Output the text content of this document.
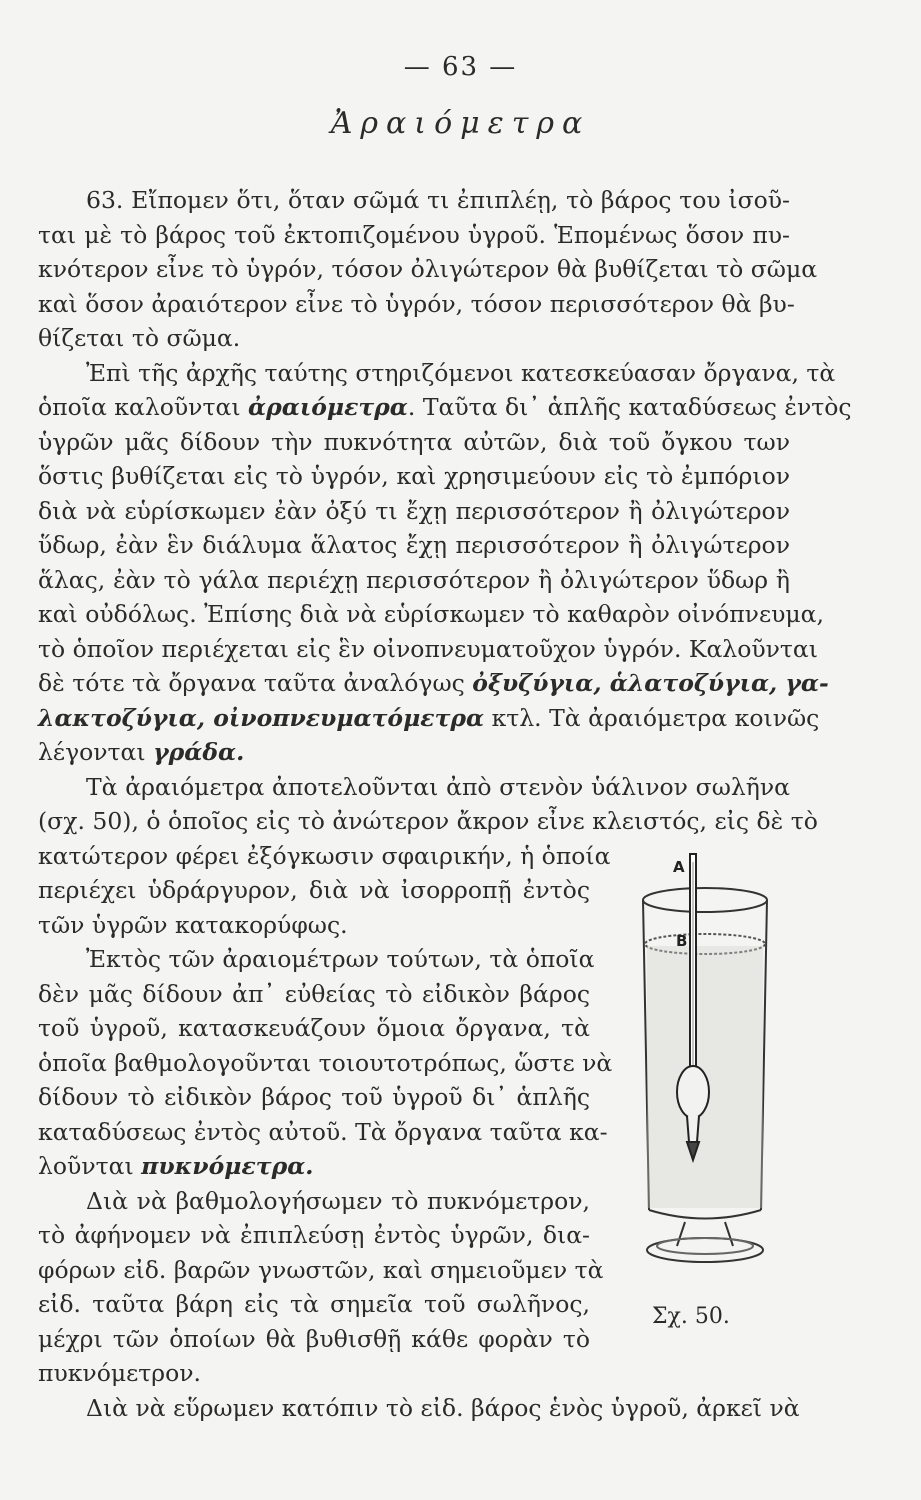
— 63 —
Ἀραιόμετρα
63. Εἴπομεν ὅτι, ὅταν σῶμά τι ἐπιπλέῃ, τὸ βάρος του ἰσοῦ-
ται μὲ τὸ βάρος τοῦ ἐκτοπιζομένου ὑγροῦ. Ἑπομένως ὅσον πυ-
κνότερον εἶνε τὸ ὑγρόν, τόσον ὀλιγώτερον θὰ βυθίζεται τὸ σῶμα
καὶ ὅσον ἀραιότερον εἶνε τὸ ὑγρόν, τόσον περισσότερον θὰ βυ-
θίζεται τὸ σῶμα.
Ἐπὶ τῆς ἀρχῆς ταύτης στηριζόμενοι κατεσκεύασαν ὄργανα, τὰ
ὁποῖα καλοῦνται ἀραιόμετρα. Ταῦτα δι᾽ ἁπλῆς καταδύσεως ἐντὸς
ὑγρῶν μᾶς δίδουν τὴν πυκνότητα αὐτῶν, διὰ τοῦ ὄγκου των
ὅστις βυθίζεται εἰς τὸ ὑγρόν, καὶ χρησιμεύουν εἰς τὸ ἐμπόριον
διὰ νὰ εὑρίσκωμεν ἐὰν ὀξύ τι ἔχῃ περισσότερον ἢ ὀλιγώτερον
ὕδωρ, ἐὰν ἓν διάλυμα ἅλατος ἔχῃ περισσότερον ἢ ὀλιγώτερον
ἅλας, ἐὰν τὸ γάλα περιέχῃ περισσότερον ἢ ὀλιγώτερον ὕδωρ ἢ
καὶ οὐδόλως. Ἐπίσης διὰ νὰ εὑρίσκωμεν τὸ καθαρὸν οἰνόπνευμα,
τὸ ὁποῖον περιέχεται εἰς ἓν οἰνοπνευματοῦχον ὑγρόν. Καλοῦνται
δὲ τότε τὰ ὄργανα ταῦτα ἀναλόγως ὀξυζύγια, ἁλατοζύγια, γα-
λακτοζύγια, οἰνοπνευματόμετρα κτλ. Τὰ ἀραιόμετρα κοινῶς
λέγονται γράδα.
Τὰ ἀραιόμετρα ἀποτελοῦνται ἀπὸ στενὸν ὑάλινον σωλῆνα
(σχ. 50), ὁ ὁποῖος εἰς τὸ ἀνώτερον ἄκρον εἶνε κλειστός, εἰς δὲ τὸ
κατώτερον φέρει ἐξόγκωσιν σφαιρικήν, ἡ ὁποία
περιέχει ὑδράργυρον, διὰ νὰ ἰσορροπῇ ἐντὸς
τῶν ὑγρῶν κατακορύφως.
Ἐκτὸς τῶν ἀραιομέτρων τούτων, τὰ ὁποῖα
δὲν μᾶς δίδουν ἀπ᾽ εὐθείας τὸ εἰδικὸν βάρος
τοῦ ὑγροῦ, κατασκευάζουν ὅμοια ὄργανα, τὰ
ὁποῖα βαθμολογοῦνται τοιουτοτρόπως, ὥστε νὰ
δίδουν τὸ εἰδικὸν βάρος τοῦ ὑγροῦ δι᾽ ἁπλῆς
καταδύσεως ἐντὸς αὐτοῦ. Τὰ ὄργανα ταῦτα κα-
λοῦνται πυκνόμετρα.
Διὰ νὰ βαθμολογήσωμεν τὸ πυκνόμετρον,
τὸ ἀφήνομεν νὰ ἐπιπλεύσῃ ἐντὸς ὑγρῶν, δια-
φόρων εἰδ. βαρῶν γνωστῶν, καὶ σημειοῦμεν τὰ
εἰδ. ταῦτα βάρη εἰς τὰ σημεῖα τοῦ σωλῆνος,
μέχρι τῶν ὁποίων θὰ βυθισθῇ κάθε φορὰν τὸ
πυκνόμετρον.
Διὰ νὰ εὕρωμεν κατόπιν τὸ εἰδ. βάρος ἑνὸς ὑγροῦ, ἀρκεῖ νὰ
A
B
Σχ. 50.
